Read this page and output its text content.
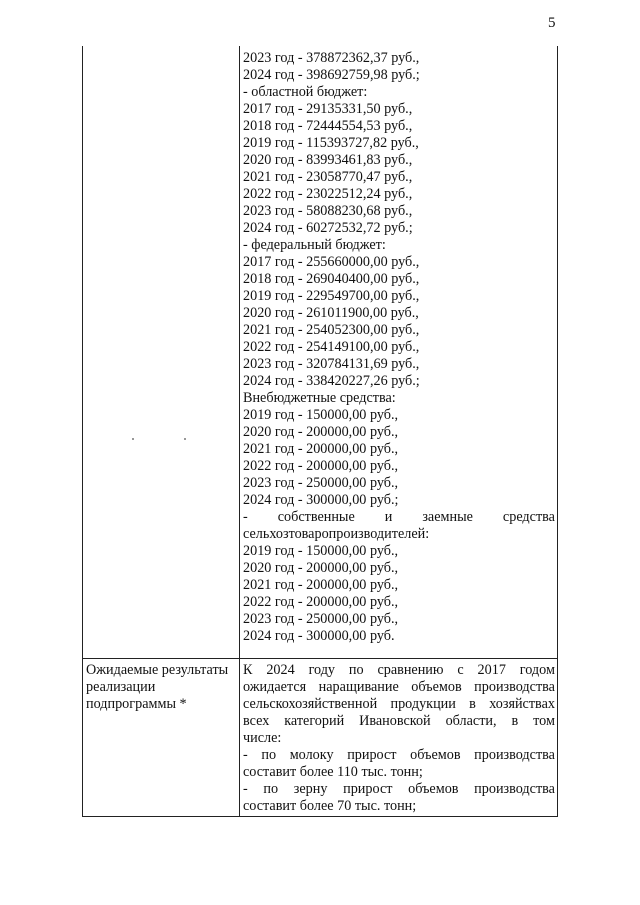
5
2023 год - 378872362,37 руб.,
2024 год - 398692759,98 руб.;
- областной бюджет:
2017 год - 29135331,50 руб.,
2018 год - 72444554,53 руб.,
2019 год - 115393727,82 руб.,
2020 год - 83993461,83 руб.,
2021 год - 23058770,47 руб.,
2022 год - 23022512,24 руб.,
2023 год - 58088230,68 руб.,
2024 год - 60272532,72 руб.;
- федеральный бюджет:
2017 год - 255660000,00 руб.,
2018 год - 269040400,00 руб.,
2019 год - 229549700,00 руб.,
2020 год - 261011900,00 руб.,
2021 год - 254052300,00 руб.,
2022 год - 254149100,00 руб.,
2023 год - 320784131,69 руб.,
2024 год - 338420227,26 руб.;
Внебюджетные средства:
2019 год - 150000,00 руб.,
2020 год - 200000,00 руб.,
2021 год - 200000,00 руб.,
2022 год - 200000,00 руб.,
2023 год - 250000,00 руб.,
2024 год - 300000,00 руб.;
- собственные и заемные средства
сельхозтоваропроизводителей:
2019 год - 150000,00 руб.,
2020 год - 200000,00 руб.,
2021 год - 200000,00 руб.,
2022 год - 200000,00 руб.,
2023 год - 250000,00 руб.,
2024 год - 300000,00 руб.
Ожидаемые результаты
реализации
подпрограммы *
К 2024 году по сравнению с 2017 годом
ожидается наращивание объемов производства
сельскохозяйственной продукции в хозяйствах
всех категорий Ивановской области, в том
числе:
- по молоку прирост объемов производства
составит более 110 тыс. тонн;
- по зерну прирост объемов производства
составит более 70 тыс. тонн;
